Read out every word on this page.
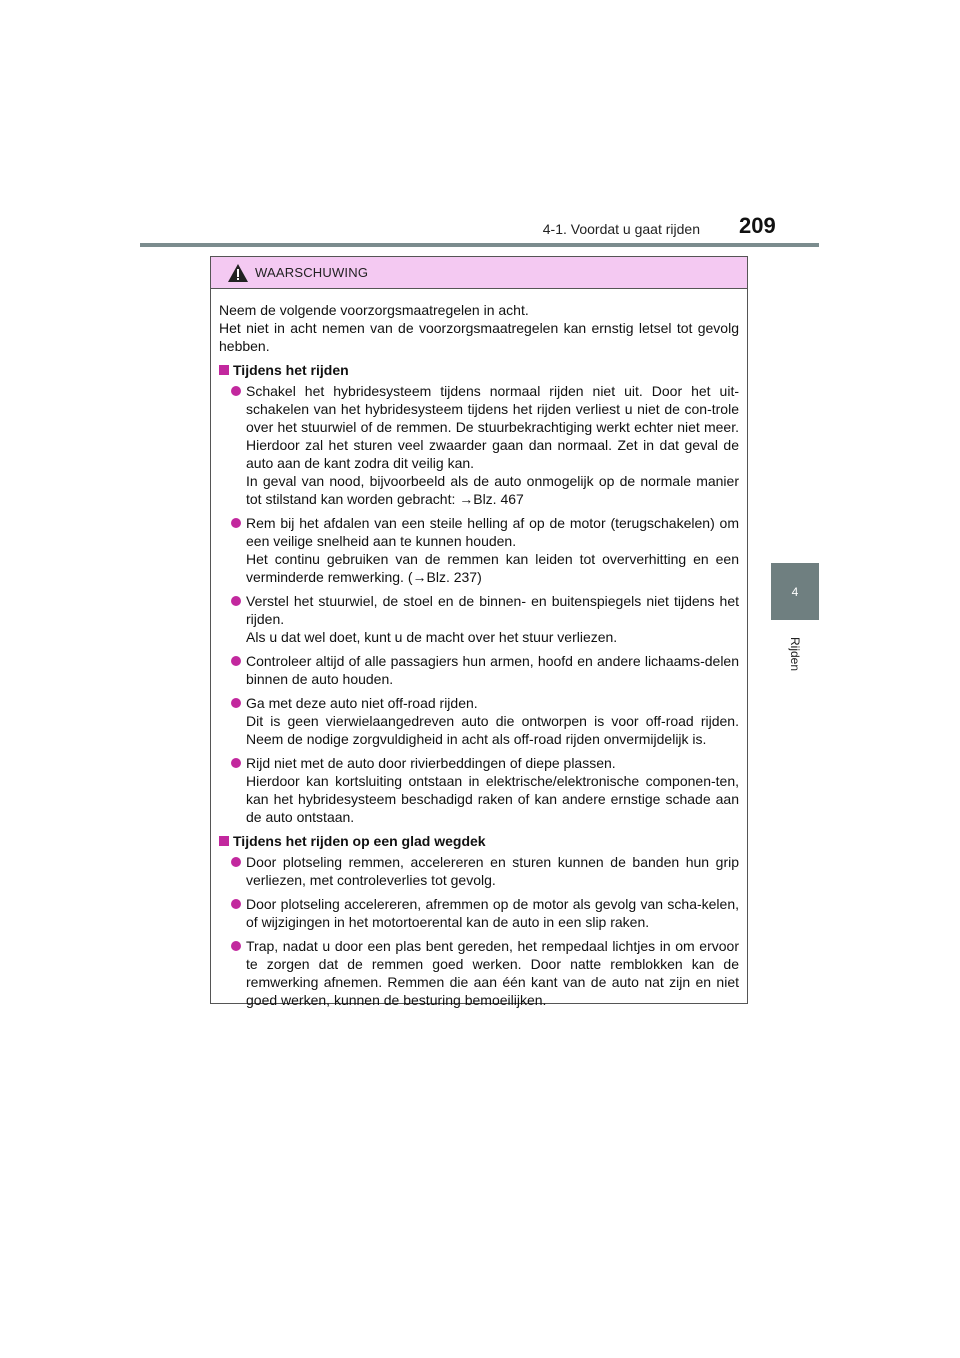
4-1. Voordat u gaat rijden 209
4
Rijden
WAARSCHUWING

Neem de volgende voorzorgsmaatregelen in acht.
Het niet in acht nemen van de voorzorgsmaatregelen kan ernstig letsel tot gevolg hebben.

Tijdens het rijden
Schakel het hybridesysteem tijdens normaal rijden niet uit. Door het uit-schakelen van het hybridesysteem tijdens het rijden verliest u niet de con-trole over het stuurwiel of de remmen. De stuurbekrachtiging werkt echter niet meer. Hierdoor zal het sturen veel zwaarder gaan dan normaal. Zet in dat geval de auto aan de kant zodra dit veilig kan.
In geval van nood, bijvoorbeeld als de auto onmogelijk op de normale manier tot stilstand kan worden gebracht: →Blz. 467
Rem bij het afdalen van een steile helling af op de motor (terugschakelen) om een veilige snelheid aan te kunnen houden.
Het continu gebruiken van de remmen kan leiden tot oververhitting en een verminderde remwerking. (→Blz. 237)
Verstel het stuurwiel, de stoel en de binnen- en buitenspiegels niet tijdens het rijden.
Als u dat wel doet, kunt u de macht over het stuur verliezen.
Controleer altijd of alle passagiers hun armen, hoofd en andere lichaams-delen binnen de auto houden.
Ga met deze auto niet off-road rijden.
Dit is geen vierwielaangedreven auto die ontworpen is voor off-road rijden. Neem de nodige zorgvuldigheid in acht als off-road rijden onvermijdelijk is.
Rijd niet met de auto door rivierbeddingen of diepe plassen.
Hierdoor kan kortsluiting ontstaan in elektrische/elektronische componen-ten, kan het hybridesysteem beschadigd raken of kan andere ernstige schade aan de auto ontstaan.
Tijdens het rijden op een glad wegdek
Door plotseling remmen, accelereren en sturen kunnen de banden hun grip verliezen, met controleverlies tot gevolg.
Door plotseling accelereren, afremmen op de motor als gevolg van scha-kelen, of wijzigingen in het motortoerental kan de auto in een slip raken.
Trap, nadat u door een plas bent gereden, het rempedaal lichtjes in om ervoor te zorgen dat de remmen goed werken. Door natte remblokken kan de remwerking afnemen. Remmen die aan één kant van de auto nat zijn en niet goed werken, kunnen de besturing bemoeilijken.
